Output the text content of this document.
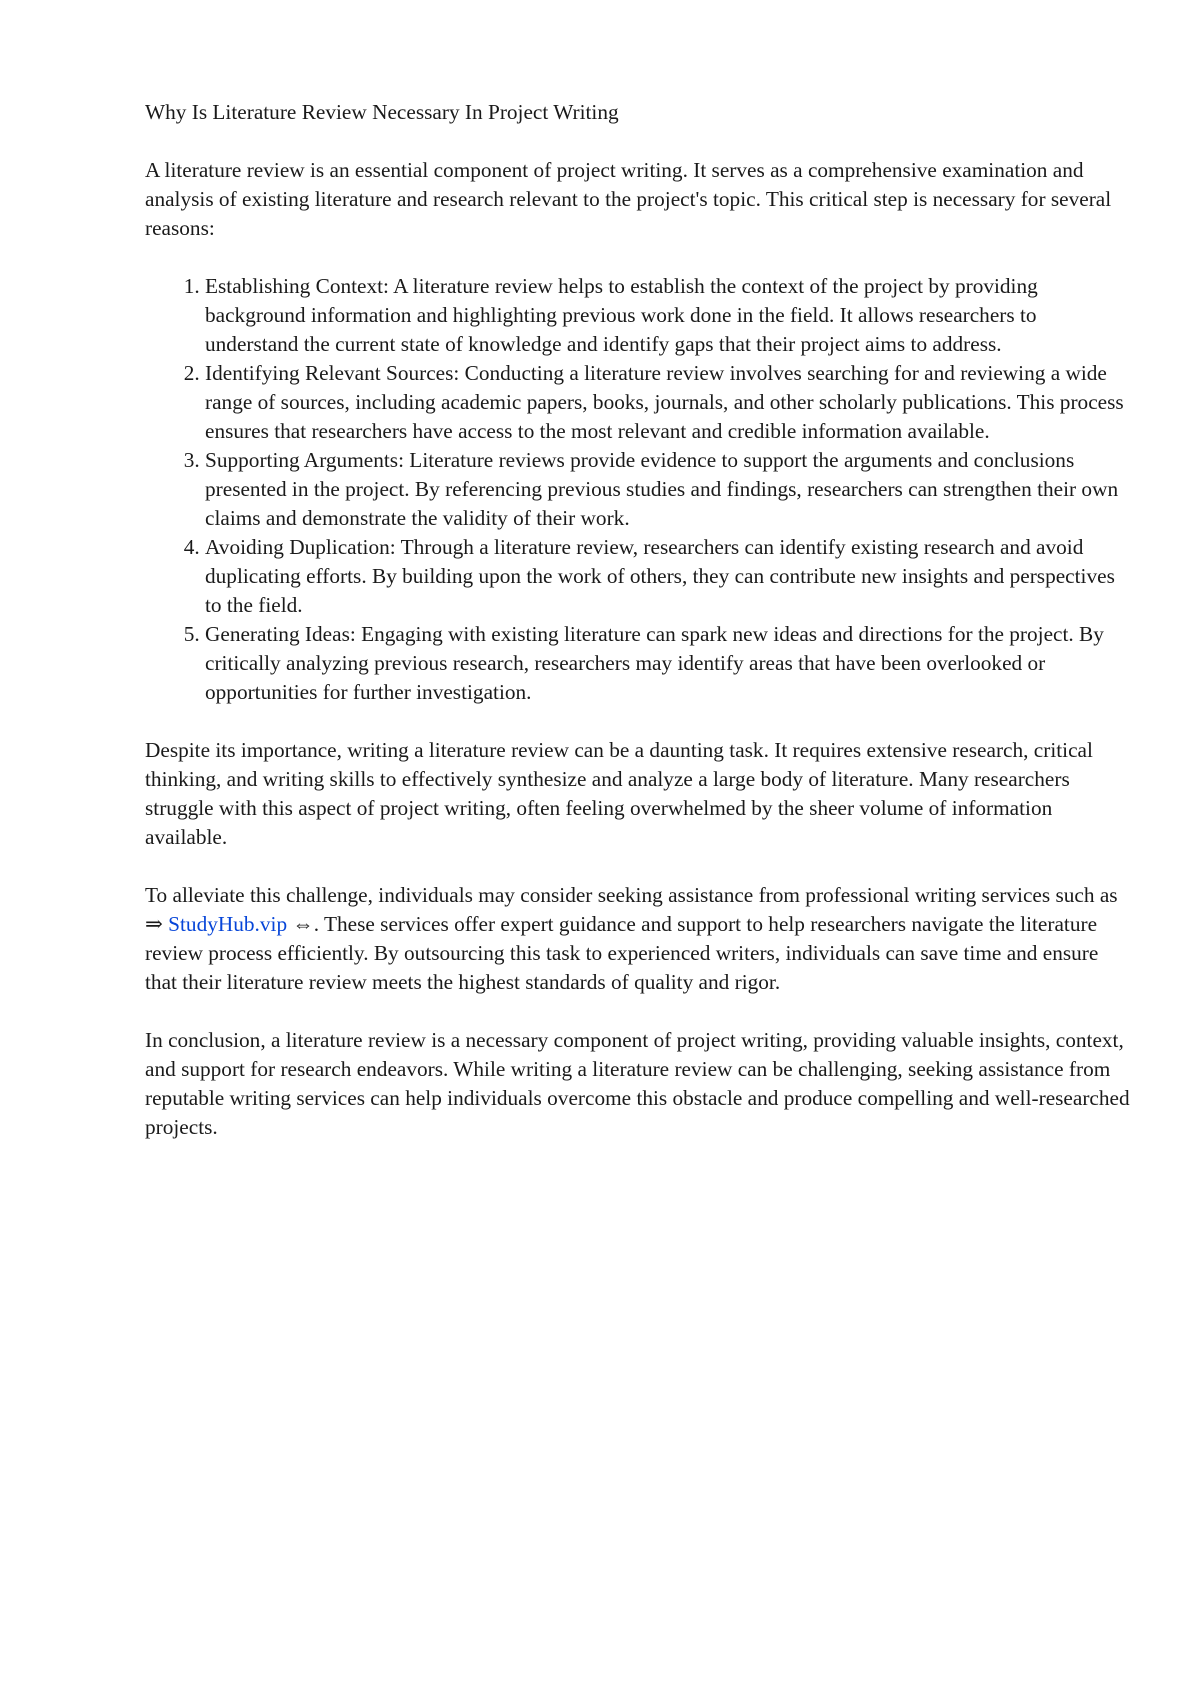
Why Is Literature Review Necessary In Project Writing

A literature review is an essential component of project writing. It serves as a comprehensive examination and analysis of existing literature and research relevant to the project's topic. This critical step is necessary for several reasons:

1. Establishing Context: A literature review helps to establish the context of the project by providing background information and highlighting previous work done in the field. It allows researchers to understand the current state of knowledge and identify gaps that their project aims to address.
2. Identifying Relevant Sources: Conducting a literature review involves searching for and reviewing a wide range of sources, including academic papers, books, journals, and other scholarly publications. This process ensures that researchers have access to the most relevant and credible information available.
3. Supporting Arguments: Literature reviews provide evidence to support the arguments and conclusions presented in the project. By referencing previous studies and findings, researchers can strengthen their own claims and demonstrate the validity of their work.
4. Avoiding Duplication: Through a literature review, researchers can identify existing research and avoid duplicating efforts. By building upon the work of others, they can contribute new insights and perspectives to the field.
5. Generating Ideas: Engaging with existing literature can spark new ideas and directions for the project. By critically analyzing previous research, researchers may identify areas that have been overlooked or opportunities for further investigation.

Despite its importance, writing a literature review can be a daunting task. It requires extensive research, critical thinking, and writing skills to effectively synthesize and analyze a large body of literature. Many researchers struggle with this aspect of project writing, often feeling overwhelmed by the sheer volume of information available.

To alleviate this challenge, individuals may consider seeking assistance from professional writing services such as ⇒ StudyHub.vip ⇔. These services offer expert guidance and support to help researchers navigate the literature review process efficiently. By outsourcing this task to experienced writers, individuals can save time and ensure that their literature review meets the highest standards of quality and rigor.

In conclusion, a literature review is a necessary component of project writing, providing valuable insights, context, and support for research endeavors. While writing a literature review can be challenging, seeking assistance from reputable writing services can help individuals overcome this obstacle and produce compelling and well-researched projects.
